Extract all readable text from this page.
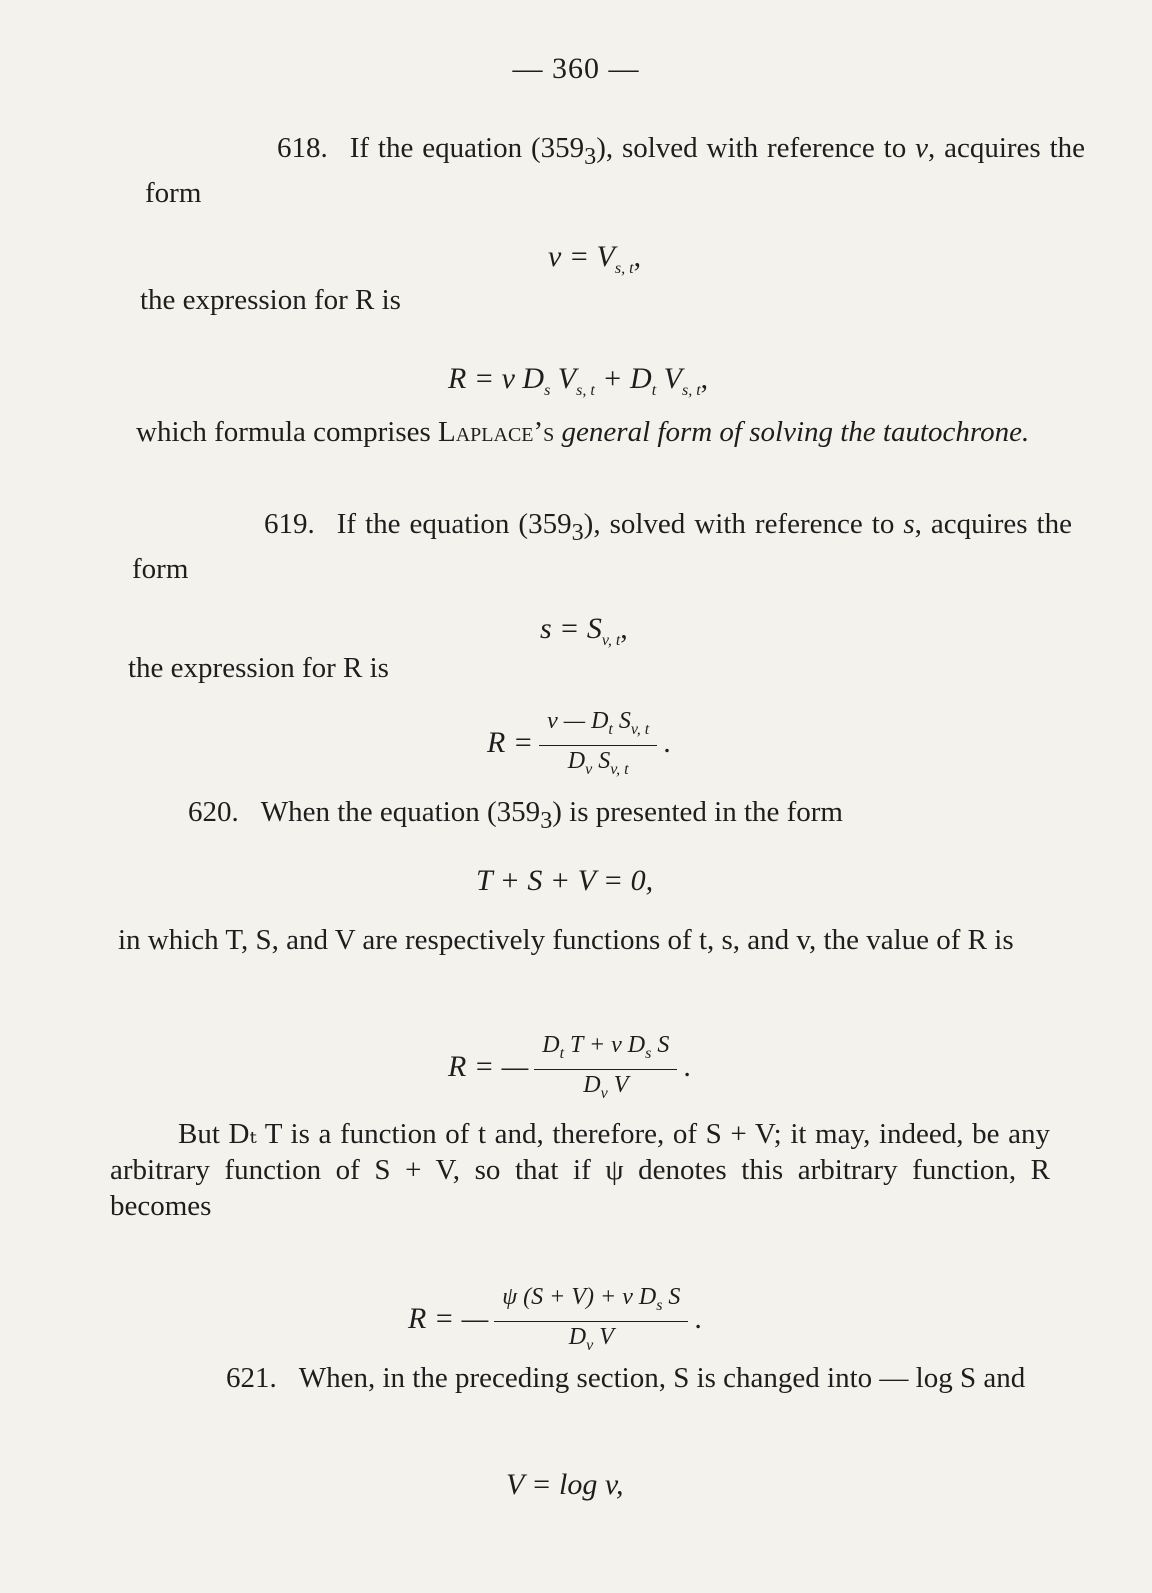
— 360 —
618. If the equation $(359_3)$, solved with reference to v, acquires the form
$v = V_{s, t}$,
the expression for R is
R = v $D_s$ $V_{s, t} + D_t$ $V_{s, t}$,
which formula comprises Laplace’s general form of solving the tautochrone.
619. If the equation $(359_3)$, solved with reference to s, acquires the form
$s = S_{v, t}$,
the expression for R is
$R = \frac{v — D_t S_{v, t}}{D_v S_{v, t}}$ .
620. When the equation $(359_3)$ is presented in the form
T + S + V = 0,
in which T, S, and V are respectively functions of t, s, and v, the value of R is
R = — $\frac{D_t T + v D_s S}{D_v V}$ .
But Dₜ T is a function of t and, therefore, of S + V; it may, indeed, be any arbitrary function of S + V, so that if ψ denotes this arbitrary function, R becomes
R = — $\frac{\psi (S + V) + v D_s S}{D_v V}$ .
621. When, in the preceding section, S is changed into — log S and
V = log v,
